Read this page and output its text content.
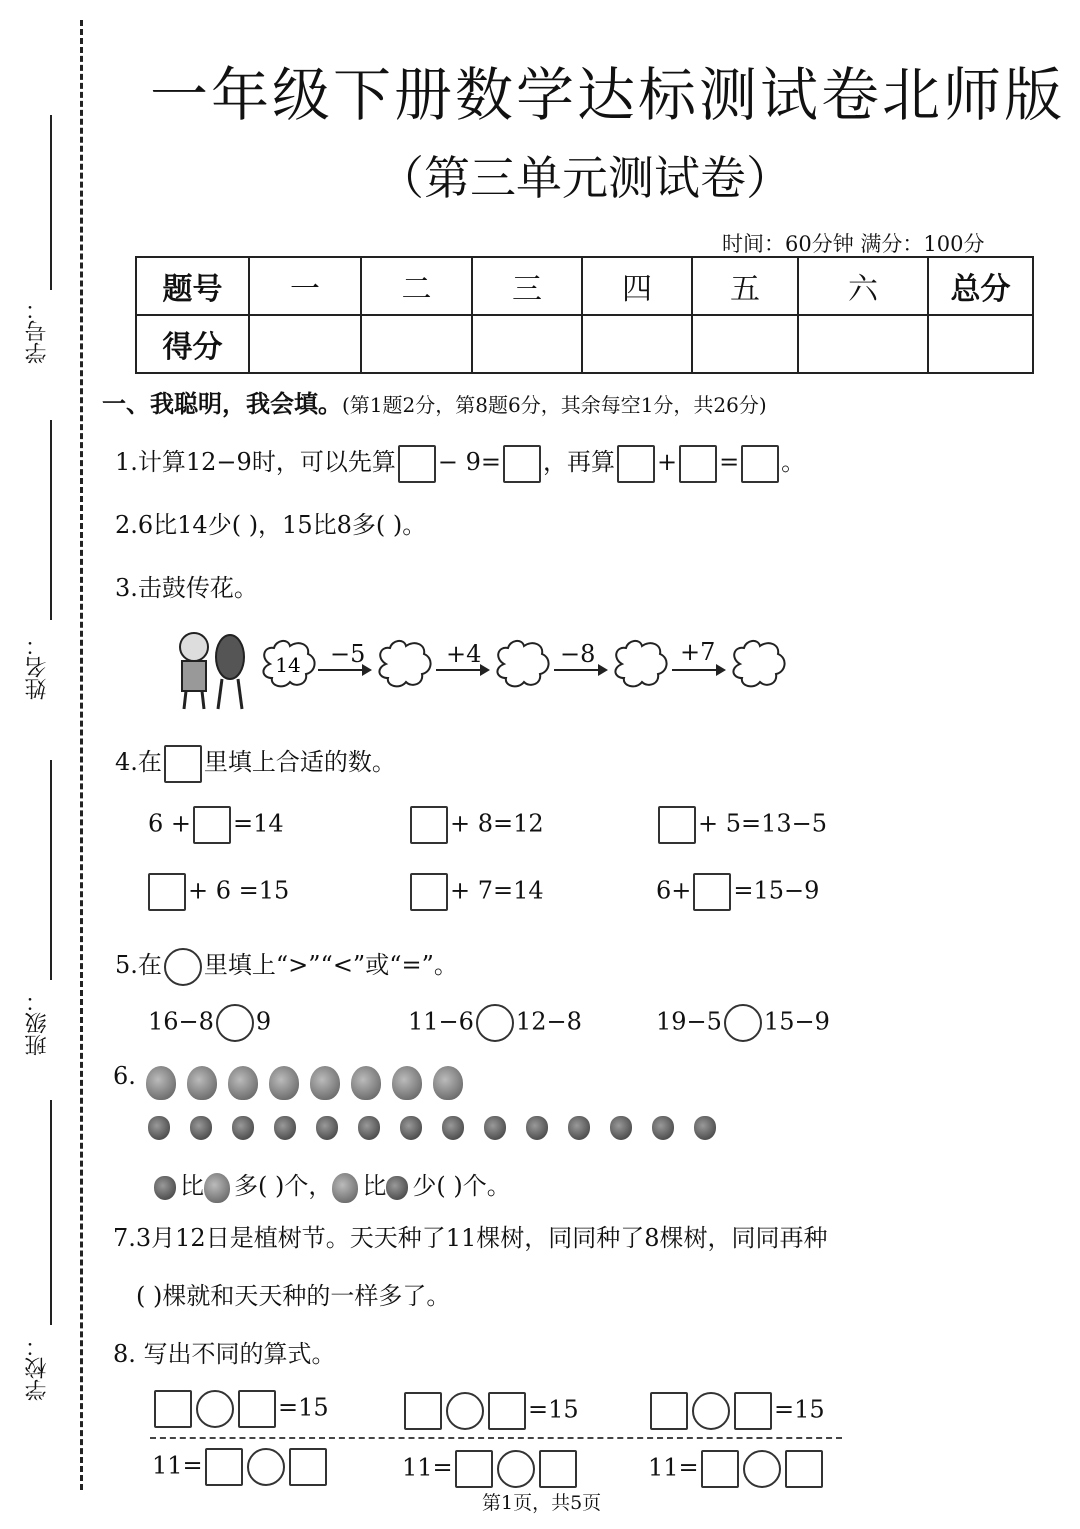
学号：
姓名：
班级：
学校：
一年级下册数学达标测试卷北师版
（第三单元测试卷）
时间：60分钟 满分：100分
题号	一	二	三	四	五	六	总分
得分							
一、我聪明，我会填。(第1题2分，第8题6分，其余每空1分，共26分)
1.计算12−9时，可以先算 − 9= ，再算 + = 。
2.6比14少( )，15比8多( )。
3.击鼓传花。
14 −5	+4	−8	+7
4.在 里填上合适的数。
6 + =14	+ 8=12	+ 5=13−5
+ 6 =15	+ 7=14	6+ =15−9
5.在 里填上“>”“<”或“=”。
16−8 9	11−6 12−8	19−5 15−9
6.
比 多( )个， 比 少( )个。
7.3月12日是植树节。天天种了11棵树，同同种了8棵树，同同再种
( )棵就和天天种的一样多了。
8. 写出不同的算式。
=15	=15	=15
11=	11=	11=
第1页，共5页
